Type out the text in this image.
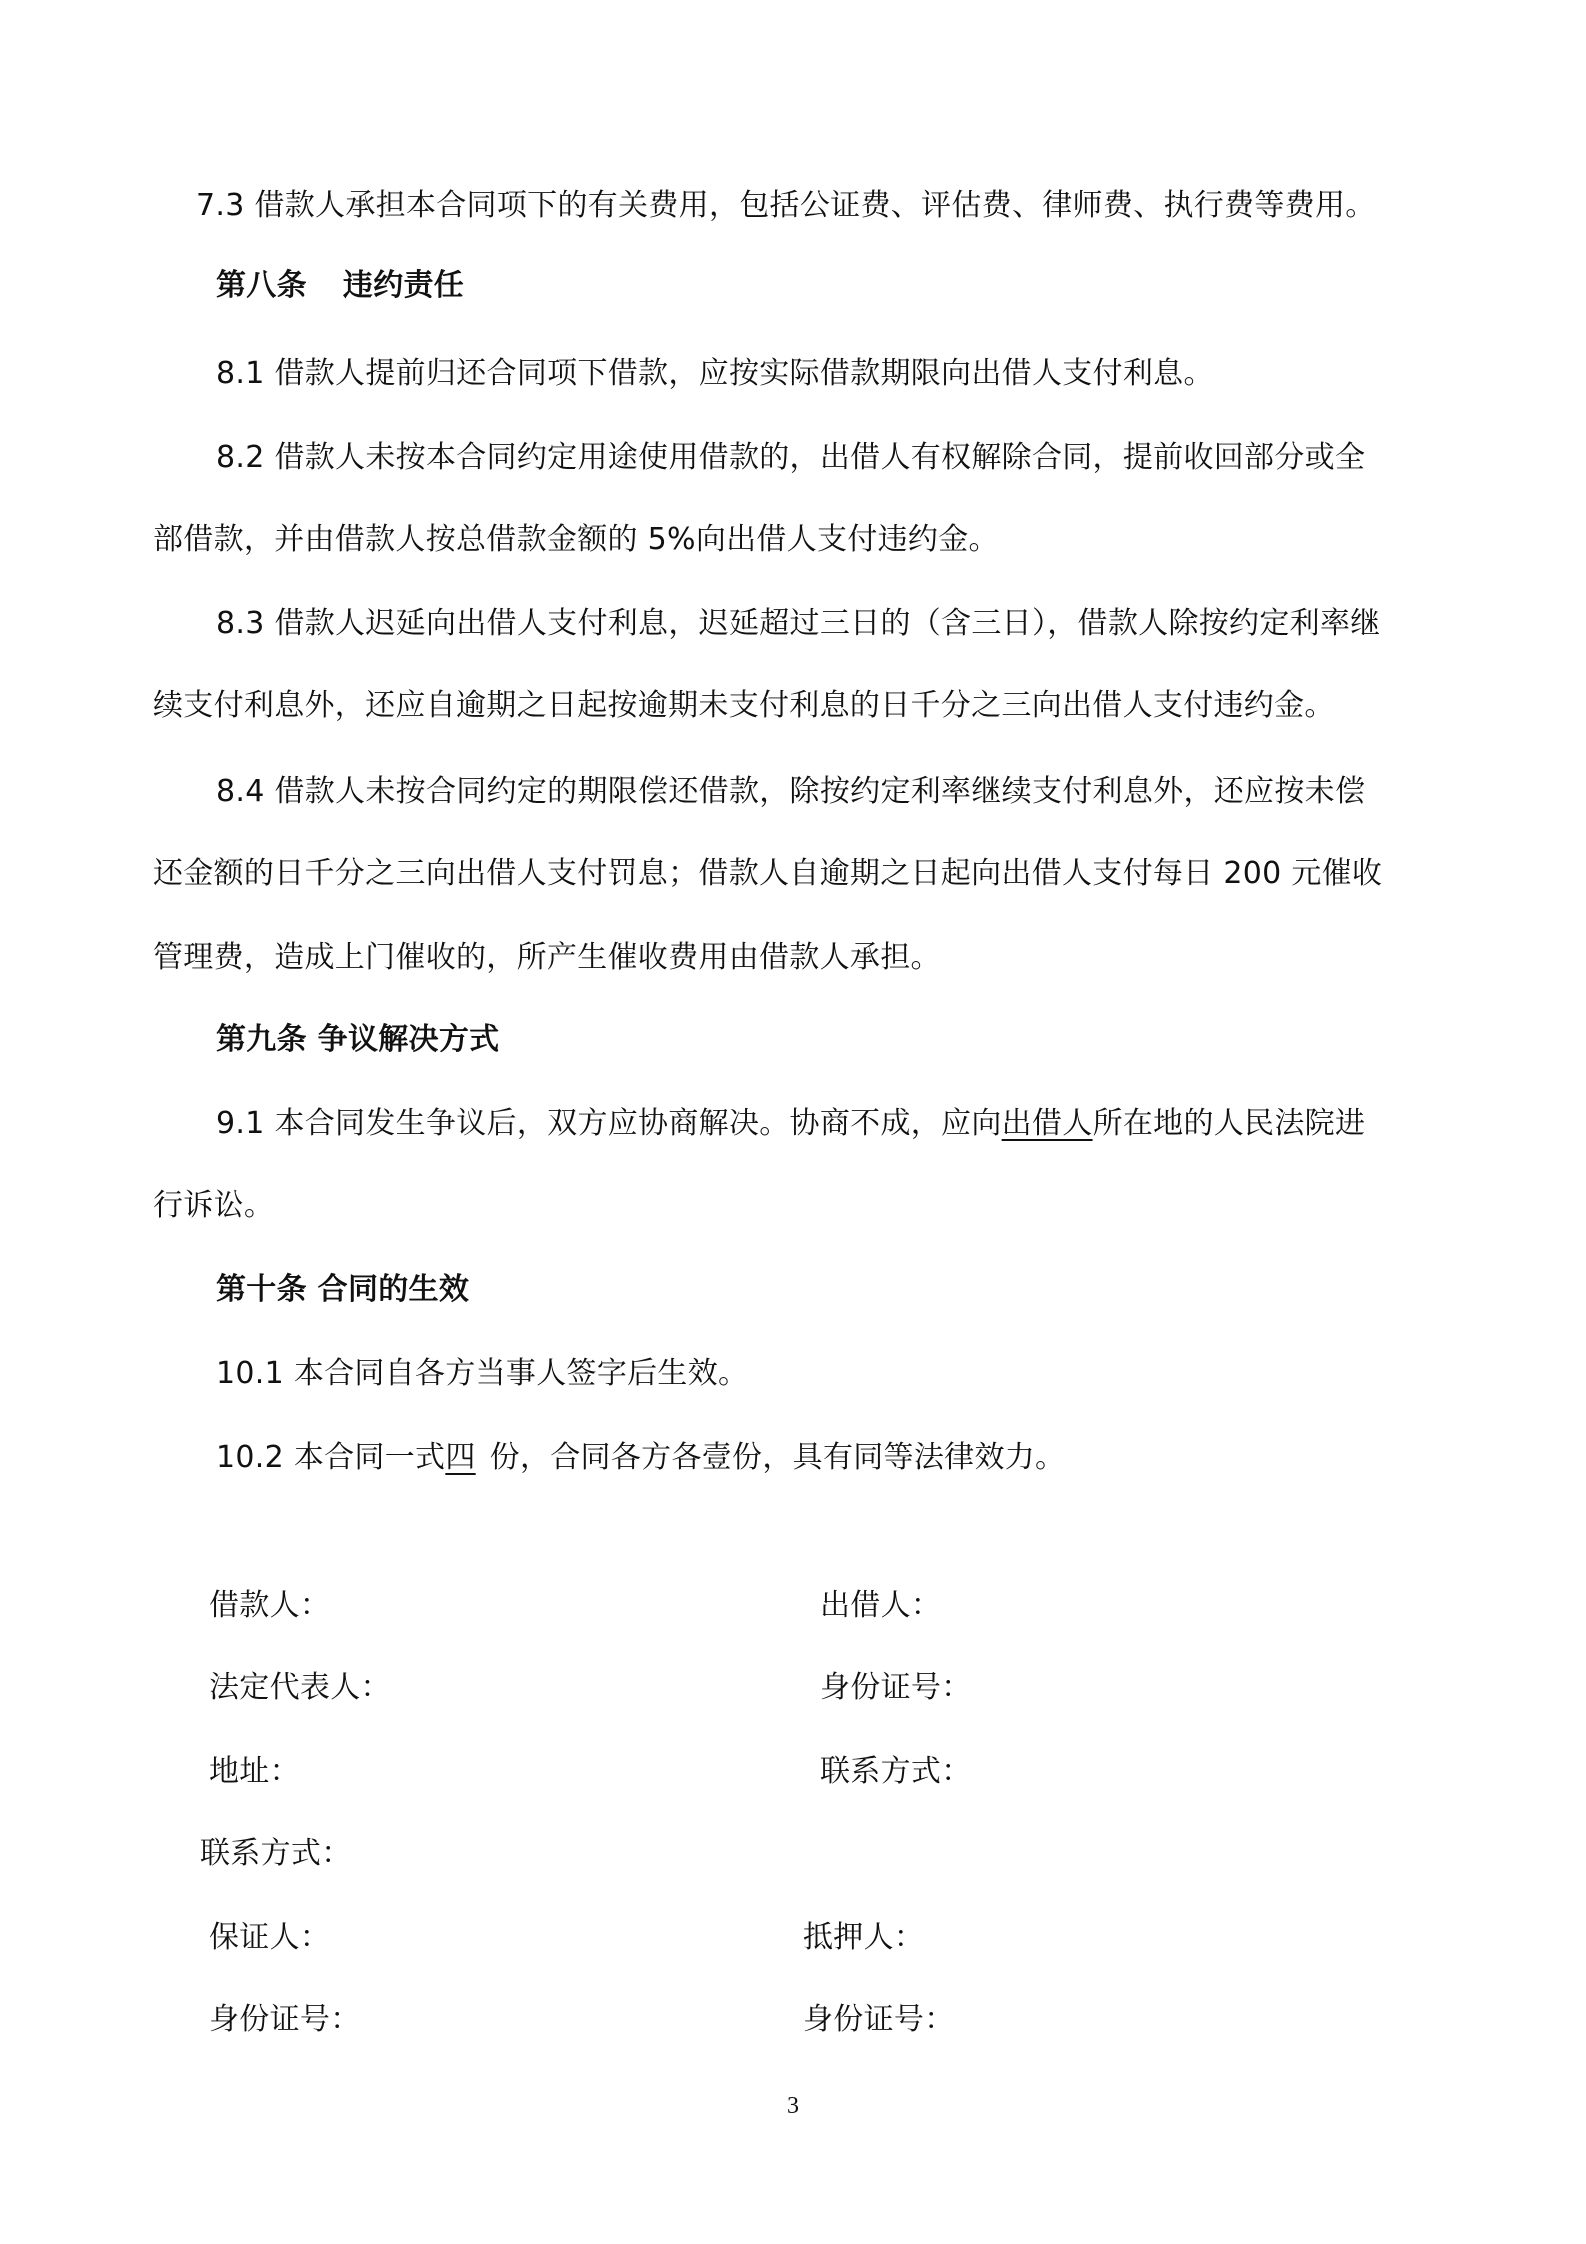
7.3 借款人承担本合同项下的有关费用，包括公证费、评估费、律师费、执行费等费用。
第八条 违约责任
8.1 借款人提前归还合同项下借款，应按实际借款期限向出借人支付利息。
8.2 借款人未按本合同约定用途使用借款的，出借人有权解除合同，提前收回部分或全
部借款，并由借款人按总借款金额的 5%向出借人支付违约金。
8.3 借款人迟延向出借人支付利息，迟延超过三日的（含三日），借款人除按约定利率继
续支付利息外，还应自逾期之日起按逾期未支付利息的日千分之三向出借人支付违约金。
8.4 借款人未按合同约定的期限偿还借款，除按约定利率继续支付利息外，还应按未偿
还金额的日千分之三向出借人支付罚息；借款人自逾期之日起向出借人支付每日 200 元催收
管理费，造成上门催收的，所产生催收费用由借款人承担。
第九条 争议解决方式
9.1 本合同发生争议后，双方应协商解决。协商不成，应向出借人所在地的人民法院进
行诉讼。
第十条 合同的生效
10.1 本合同自各方当事人签字后生效。
10.2 本合同一式四 份，合同各方各壹份，具有同等法律效力。
借款人：	出借人：
法定代表人：	身份证号：
地址：	联系方式：
联系方式：
保证人：	抵押人：
身份证号：	身份证号：
3
